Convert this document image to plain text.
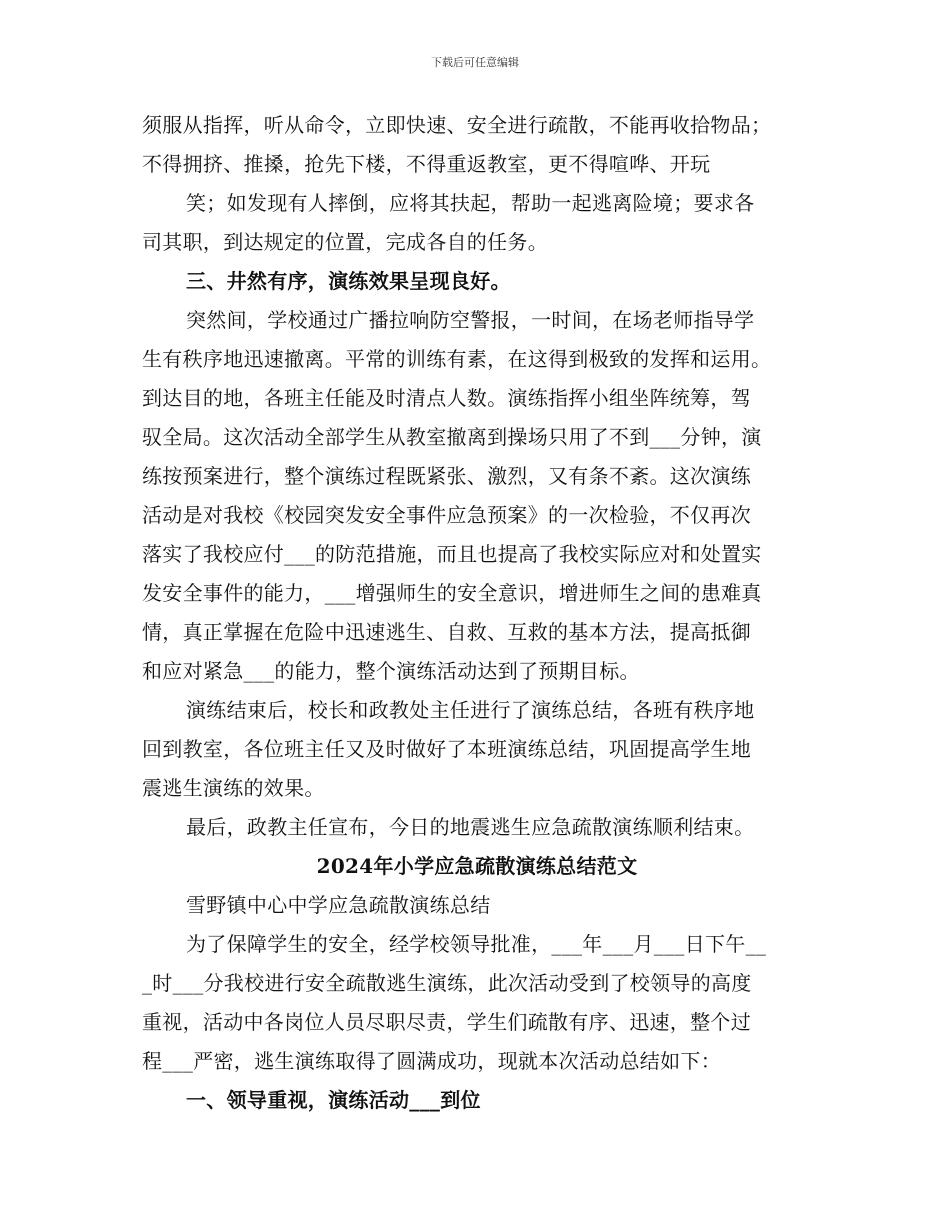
下载后可任意编辑
须服从指挥，听从命令，立即快速、安全进行疏散，不能再收拾物品；
不得拥挤、推搡，抢先下楼，不得重返教室，更不得喧哗、开玩
笑；如发现有人摔倒，应将其扶起，帮助一起逃离险境；要求各
司其职，到达规定的位置，完成各自的任务。
三、井然有序，演练效果呈现良好。
突然间，学校通过广播拉响防空警报，一时间，在场老师指导学
生有秩序地迅速撤离。平常的训练有素，在这得到极致的发挥和运用。
到达目的地，各班主任能及时清点人数。演练指挥小组坐阵统筹，驾
驭全局。这次活动全部学生从教室撤离到操场只用了不到___分钟，演
练按预案进行，整个演练过程既紧张、激烈，又有条不紊。这次演练
活动是对我校《校园突发安全事件应急预案》的一次检验，不仅再次
落实了我校应付___的防范措施，而且也提高了我校实际应对和处置实
发安全事件的能力，___增强师生的安全意识，增进师生之间的患难真
情，真正掌握在危险中迅速逃生、自救、互救的基本方法，提高抵御
和应对紧急___的能力，整个演练活动达到了预期目标。
演练结束后，校长和政教处主任进行了演练总结，各班有秩序地
回到教室，各位班主任又及时做好了本班演练总结，巩固提高学生地
震逃生演练的效果。
最后，政教主任宣布，今日的地震逃生应急疏散演练顺利结束。
2024年小学应急疏散演练总结范文
雪野镇中心中学应急疏散演练总结
为了保障学生的安全，经学校领导批准，___年___月___日下午__
_时___分我校进行安全疏散逃生演练，此次活动受到了校领导的高度
重视，活动中各岗位人员尽职尽责，学生们疏散有序、迅速，整个过
程___严密，逃生演练取得了圆满成功，现就本次活动总结如下：
一、领导重视，演练活动___到位
